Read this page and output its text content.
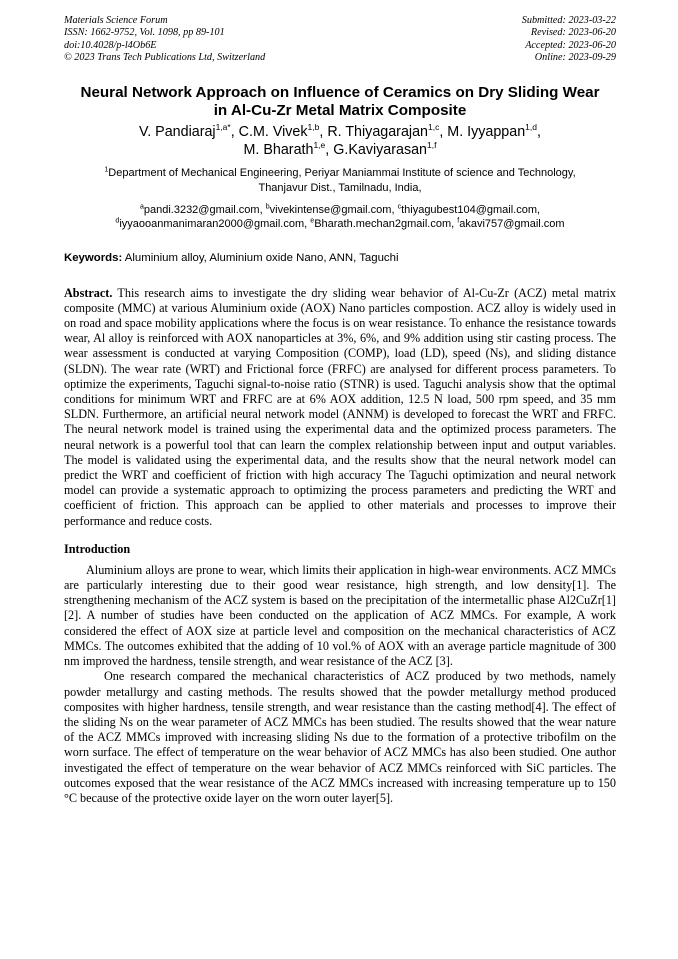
Materials Science Forum
ISSN: 1662-9752, Vol. 1098, pp 89-101
doi:10.4028/p-l4Ob6E
© 2023 Trans Tech Publications Ltd, Switzerland
Submitted: 2023-03-22
Revised: 2023-06-20
Accepted: 2023-06-20
Online: 2023-09-29
Neural Network Approach on Influence of Ceramics on Dry Sliding Wear
in Al-Cu-Zr Metal Matrix Composite
V. Pandiaraj$^{1,a*}$, C.M. Vivek$^{1,b}$, R. Thiyagarajan$^{1,c}$, M. Iyyappan$^{1,d}$,
M. Bharath$^{1,e}$, G.Kaviyarasan$^{1,f}$
$^1$Department of Mechanical Engineering, Periyar Maniammai Institute of science and Technology,
Thanjavur Dist., Tamilnadu, India,
$^a$pandi.3232@gmail.com, $^b$vivekintense@gmail.com, $^c$thiyagubest104@gmail.com,
$^d$iyyaooanmanimaran2000@gmail.com, $^e$Bharath.mechan2gmail.com, $^f$akavi757@gmail.com
Keywords: Aluminium alloy, Aluminium oxide Nano, ANN, Taguchi
Abstract. This research aims to investigate the dry sliding wear behavior of Al-Cu-Zr (ACZ) metal matrix composite (MMC) at various Aluminium oxide (AOX) Nano particles compostion. ACZ alloy is widely used in on road and space mobility applications where the focus is on wear resistance. To enhance the resistance towards wear, Al alloy is reinforced with AOX nanoparticles at 3%, 6%, and 9% addition using stir casting process. The wear assessment is conducted at varying Composition (COMP), load (LD), speed (Ns), and sliding distance (SLDN). The wear rate (WRT) and Frictional force (FRFC) are analysed for different process parameters. To optimize the experiments, Taguchi signal-to-noise ratio (STNR) is used. Taguchi analysis show that the optimal conditions for minimum WRT and FRFC are at 6% AOX addition, 12.5 N load, 500 rpm speed, and 35 mm SLDN. Furthermore, an artificial neural network model (ANNM) is developed to forecast the WRT and FRFC. The neural network model is trained using the experimental data and the optimized process parameters. The neural network is a powerful tool that can learn the complex relationship between input and output variables. The model is validated using the experimental data, and the results show that the neural network model can predict the WRT and coefficient of friction with high accuracy The Taguchi optimization and neural network model can provide a systematic approach to optimizing the process parameters and predicting the WRT and coefficient of friction. This approach can be applied to other materials and processes to improve their performance and reduce costs.
Introduction
Aluminium alloys are prone to wear, which limits their application in high-wear environments. ACZ MMCs are particularly interesting due to their good wear resistance, high strength, and low density[1]. The strengthening mechanism of the ACZ system is based on the precipitation of the intermetallic phase Al2CuZr[1][2]. A number of studies have been conducted on the application of ACZ MMCs. For example, A work considered the effect of AOX size at particle level and composition on the mechanical characteristics of ACZ MMCs. The outcomes exhibited that the adding of 10 vol.% of AOX with an average particle magnitude of 300 nm improved the hardness, tensile strength, and wear resistance of the ACZ [3].
One research compared the mechanical characteristics of ACZ produced by two methods, namely powder metallurgy and casting methods. The results showed that the powder metallurgy method produced composites with higher hardness, tensile strength, and wear resistance than the casting method[4]. The effect of the sliding Ns on the wear parameter of ACZ MMCs has been studied. The results showed that the wear nature of the ACZ MMCs improved with increasing sliding Ns due to the formation of a protective tribofilm on the worn surface. The effect of temperature on the wear behavior of ACZ MMCs has also been studied. One author investigated the effect of temperature on the wear behavior of ACZ MMCs reinforced with SiC particles. The outcomes exposed that the wear resistance of the ACZ MMCs increased with increasing temperature up to 150 °C because of the protective oxide layer on the worn outer layer[5].
